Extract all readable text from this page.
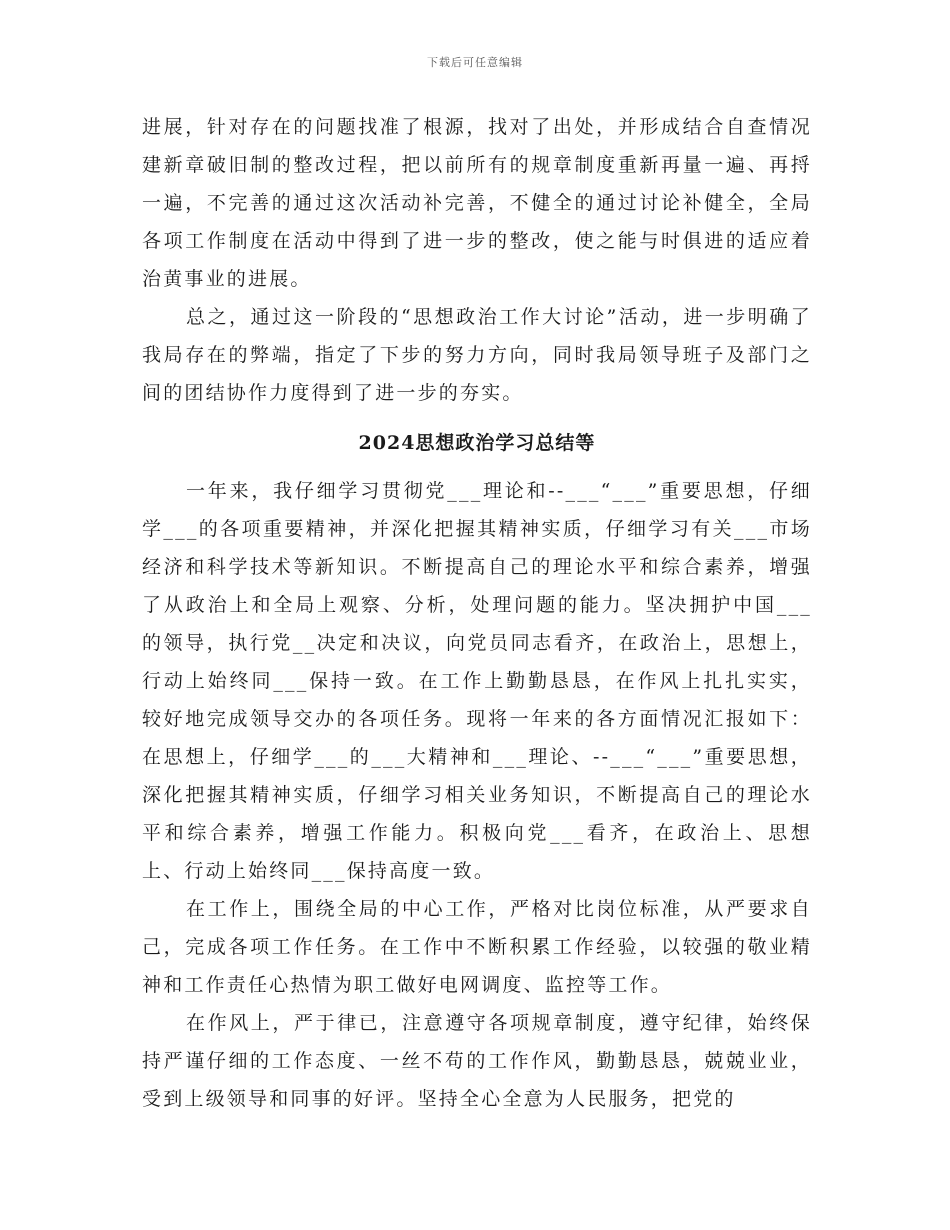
下载后可任意编辑

进展，针对存在的问题找准了根源，找对了出处，并形成结合自查情况建新章破旧制的整改过程，把以前所有的规章制度重新再量一遍、再捋一遍，不完善的通过这次活动补完善，不健全的通过讨论补健全，全局各项工作制度在活动中得到了进一步的整改，使之能与时俱进的适应着治黄事业的进展。

总之，通过这一阶段的“思想政治工作大讨论”活动，进一步明确了我局存在的弊端，指定了下步的努力方向，同时我局领导班子及部门之间的团结协作力度得到了进一步的夯实。

2024思想政治学习总结等

一年来，我仔细学习贯彻党___理论和--___“___”重要思想，仔细学___的各项重要精神，并深化把握其精神实质，仔细学习有关___市场经济和科学技术等新知识。不断提高自己的理论水平和综合素养，增强了从政治上和全局上观察、分析，处理问题的能力。坚决拥护中国___的领导，执行党__决定和决议，向党员同志看齐，在政治上，思想上，行动上始终同___保持一致。在工作上勤勤恳恳，在作风上扎扎实实，较好地完成领导交办的各项任务。现将一年来的各方面情况汇报如下：在思想上，仔细学___的___大精神和___理论、--___“___”重要思想，深化把握其精神实质，仔细学习相关业务知识，不断提高自己的理论水平和综合素养，增强工作能力。积极向党___看齐，在政治上、思想上、行动上始终同___保持高度一致。

在工作上，围绕全局的中心工作，严格对比岗位标准，从严要求自己，完成各项工作任务。在工作中不断积累工作经验，以较强的敬业精神和工作责任心热情为职工做好电网调度、监控等工作。

在作风上，严于律已，注意遵守各项规章制度，遵守纪律，始终保持严谨仔细的工作态度、一丝不苟的工作作风，勤勤恳恳，兢兢业业，受到上级领导和同事的好评。坚持全心全意为人民服务，把党的
